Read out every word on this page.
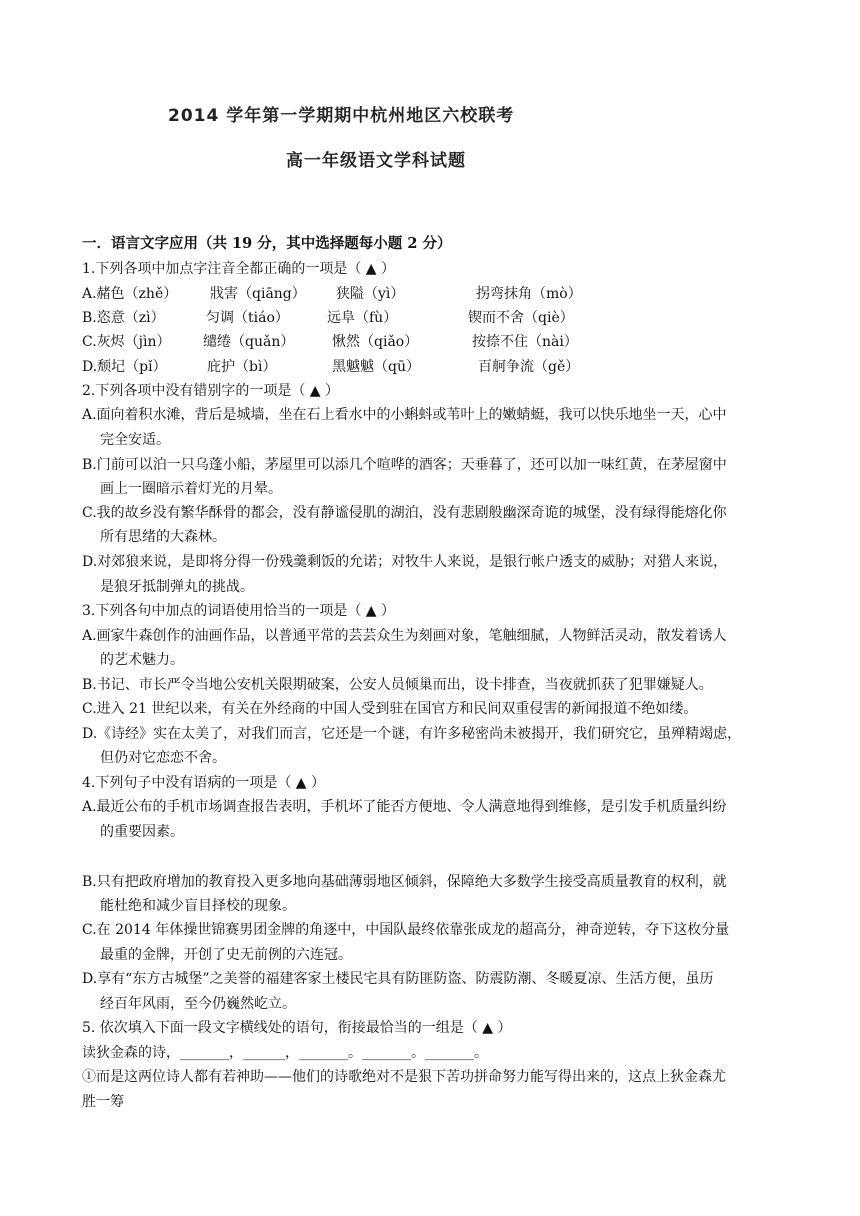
2014 学年第一学期期中杭州地区六校联考
高一年级语文学科试题
一．语言文字应用（共 19 分，其中选择题每小题 2 分）
1.下列各项中加点字注音全都正确的一项是（ ▲ ）
A.赭色（zhě） 戕害（qiāng） 狭隘（yì）	拐弯抹角（mò）
B.恣意（zì）	匀调（tiáo）	远阜（fù）	锲而不舍（qiè）
C.灰烬（jìn） 缱绻（quǎn）	愀然（qiǎo）	按捺不住（nài）
D.颓圮（pǐ）	庇护（bì）	黑魆魆（qū）	百舸争流（gě）
2.下列各项中没有错别字的一项是（ ▲ ）
A.面向着积水滩，背后是城墙，坐在石上看水中的小蝌蚪或苇叶上的嫩蜻蜓，我可以快乐地坐一天，心中
完全安适。
B.门前可以泊一只乌蓬小船，茅屋里可以添几个喧哗的酒客；天垂暮了，还可以加一味红黄，在茅屋窗中
画上一圈暗示着灯光的月晕。
C.我的故乡没有繁华酥骨的都会，没有静谧侵肌的湖泊，没有悲剧般幽深奇诡的城堡，没有绿得能熔化你
所有思绪的大森林。
D.对郊狼来说，是即将分得一份残羹剩饭的允诺；对牧牛人来说，是银行帐户透支的威胁；对猎人来说，
是狼牙抵制弹丸的挑战。
3.下列各句中加点的词语使用恰当的一项是（ ▲ ）
A.画家牛森创作的油画作品，以普通平常的芸芸众生为刻画对象，笔触细腻，人物鲜活灵动，散发着诱人
的艺术魅力。
B.书记、市长严令当地公安机关限期破案，公安人员倾巢而出，设卡排查，当夜就抓获了犯罪嫌疑人。
C.进入 21 世纪以来，有关在外经商的中国人受到驻在国官方和民间双重侵害的新闻报道不绝如缕。
D.《诗经》实在太美了，对我们而言，它还是一个谜，有许多秘密尚未被揭开，我们研究它，虽殚精竭虑，
但仍对它恋恋不舍。
4.下列句子中没有语病的一项是（ ▲ ）
A.最近公布的手机市场调查报告表明，手机坏了能否方便地、令人满意地得到维修，是引发手机质量纠纷
的重要因素。
B.只有把政府增加的教育投入更多地向基础薄弱地区倾斜，保障绝大多数学生接受高质量教育的权利，就
能杜绝和减少盲目择校的现象。
C.在 2014 年体操世锦赛男团金牌的角逐中，中国队最终依靠张成龙的超高分，神奇逆转，夺下这枚分量
最重的金牌，开创了史无前例的六连冠。
D.享有“东方古城堡”之美誉的福建客家土楼民宅具有防匪防盗、防震防潮、冬暖夏凉、生活方便，虽历
经百年风雨，至今仍巍然屹立。
5. 依次填入下面一段文字横线处的语句，衔接最恰当的一组是（ ▲ ）
读狄金森的诗，_______，______，_______。_______。_______。
①而是这两位诗人都有若神助——他们的诗歌绝对不是狠下苦功拼命努力能写得出来的，这点上狄金森尤
胜一筹
